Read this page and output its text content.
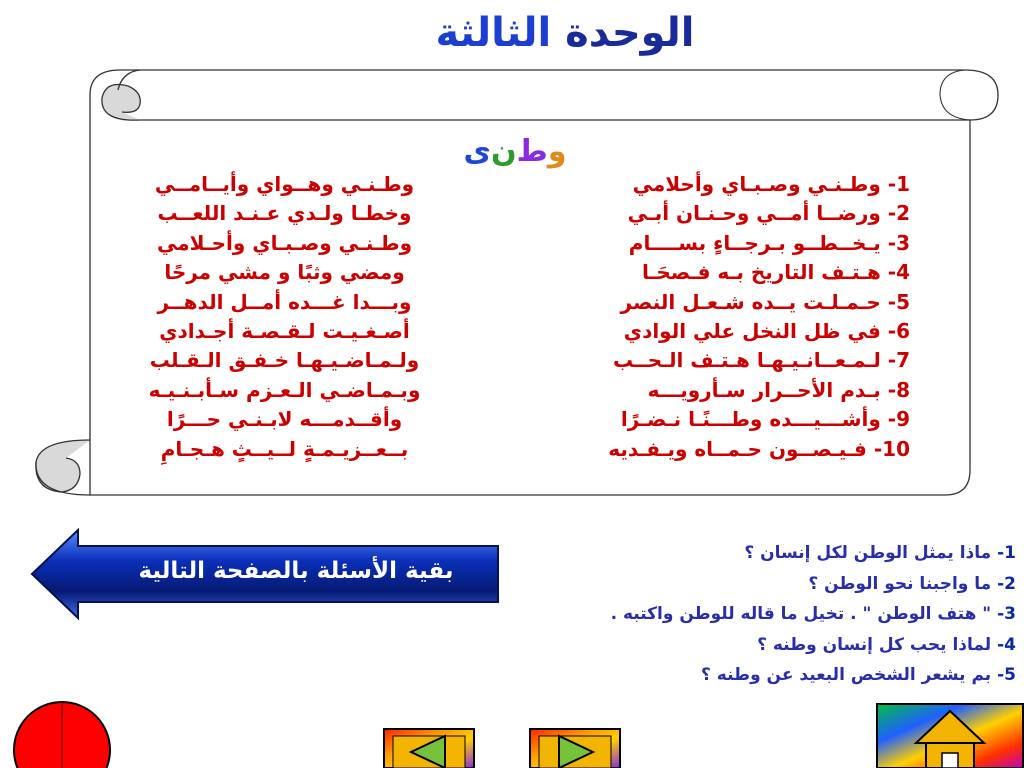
الوحدة الثالثة
وطنى
1- وطـنـي وصـبـاي وأحلامي
2- ورضــا أمــي وحـنـان أبـي
3- يـخــطــو بـرجــاءٍ بســــام
4- هـتـف التاريخ بـه فـصحَـا
5- حـمـلـت يــده شـعـل النصر
6- في ظل النخل علي الوادي
7- لـمـعــانـيـهـا هـتـف الـحــب
8- بـدم الأحــرار سـأرويـــه
9- وأشـــيـــده وطـــنًـا نـضـرًا
10- فـيـصــون حـمــاه ويـفـديه
وطـنـي وهــواي وأيــامــي
وخطـا ولـدي عـنـد اللعــب
وطـنـي وصـبـاي وأحـلامي
ومضي وثبًا و مشي مرحًا
وبـــدا غـــده أمــل الدهــر
أصـغـيـت لـقـصـة أجـدادي
ولـمـاضـيـهـا خـفـق الـقـلب
وبـمـاضـي الـعـزم سـأبـنـيـه
وأقــدمـــه لابـنـي حـــرًا
بــعــزيـمـةٍ لــيــثٍ هـجـامِ
بقية الأسئلة بالصفحة التالية
1- ماذا يمثل الوطن لكل إنسان ؟
2- ما واجبنا نحو الوطن ؟
3- " هتف الوطن " . تخيل ما قاله للوطن واكتبه .
4- لماذا يحب كل إنسان وطنه ؟
5- بم يشعر الشخص البعيد عن وطنه ؟
